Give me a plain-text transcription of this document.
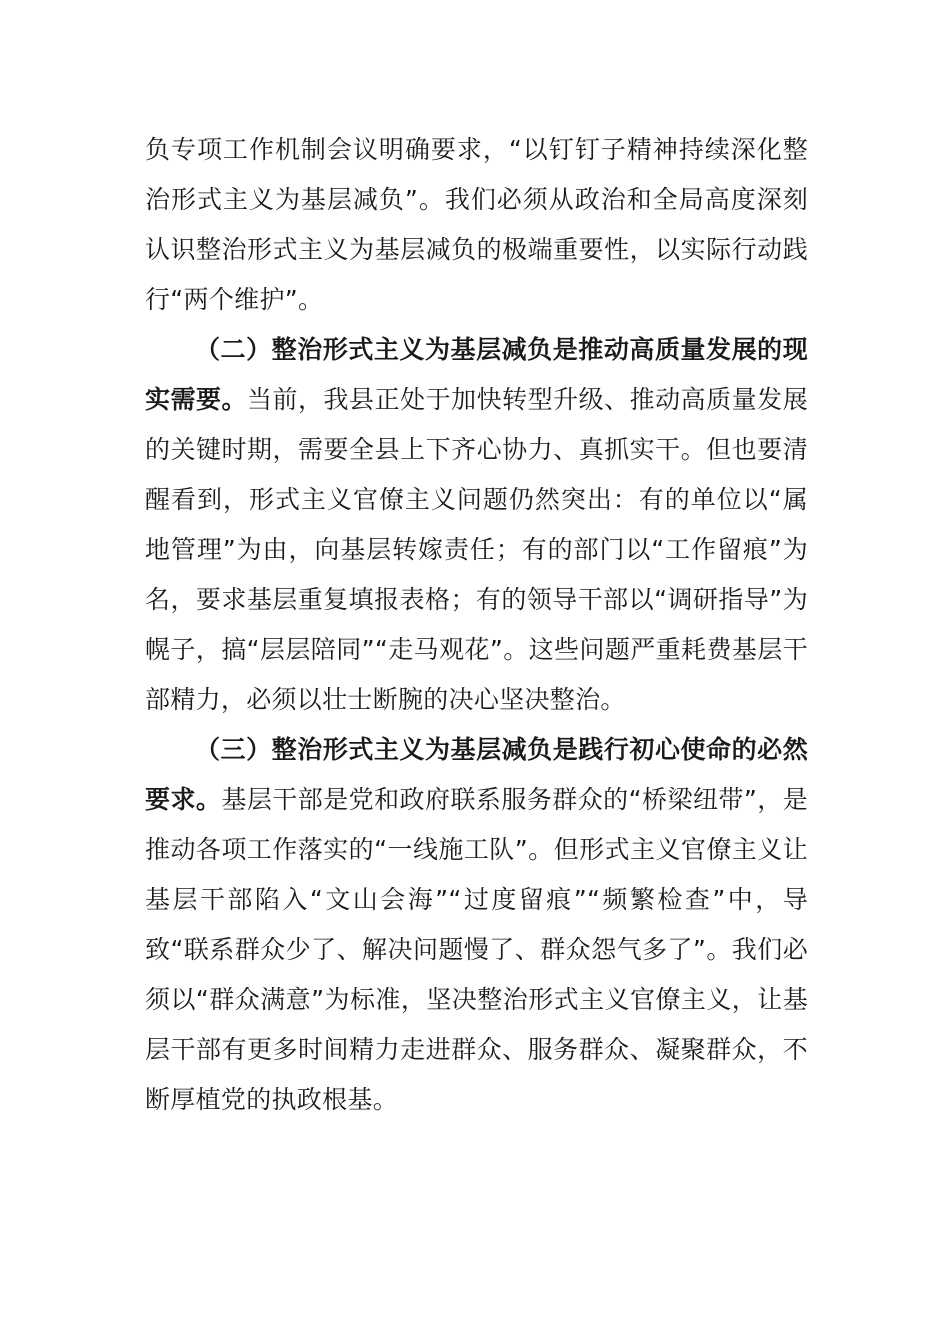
负专项工作机制会议明确要求，“以钉钉子精神持续深化整治形式主义为基层减负”。我们必须从政治和全局高度深刻认识整治形式主义为基层减负的极端重要性，以实际行动践行“两个维护”。

（二）整治形式主义为基层减负是推动高质量发展的现实需要。当前，我县正处于加快转型升级、推动高质量发展的关键时期，需要全县上下齐心协力、真抓实干。但也要清醒看到，形式主义官僚主义问题仍然突出：有的单位以“属地管理”为由，向基层转嫁责任；有的部门以“工作留痕”为名，要求基层重复填报表格；有的领导干部以“调研指导”为幌子，搞“层层陪同”“走马观花”。这些问题严重耗费基层干部精力，必须以壮士断腕的决心坚决整治。

（三）整治形式主义为基层减负是践行初心使命的必然要求。基层干部是党和政府联系服务群众的“桥梁纽带”，是推动各项工作落实的“一线施工队”。但形式主义官僚主义让基层干部陷入“文山会海”“过度留痕”“频繁检查”中，导致“联系群众少了、解决问题慢了、群众怨气多了”。我们必须以“群众满意”为标准，坚决整治形式主义官僚主义，让基层干部有更多时间精力走进群众、服务群众、凝聚群众，不断厚植党的执政根基。
